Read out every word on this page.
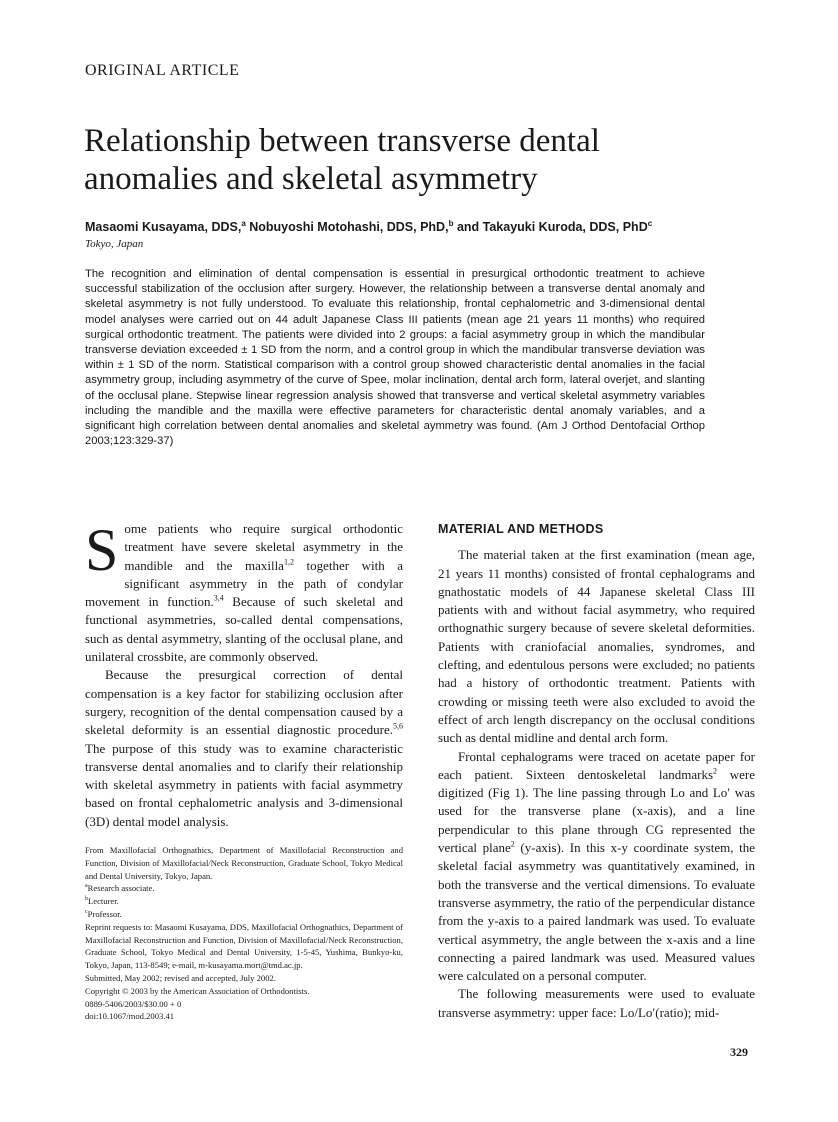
ORIGINAL ARTICLE
Relationship between transverse dental anomalies and skeletal asymmetry
Masaomi Kusayama, DDS,$^a$ Nobuyoshi Motohashi, DDS, PhD,$^b$ and Takayuki Kuroda, DDS, PhD$^c$
Tokyo, Japan

The recognition and elimination of dental compensation is essential in presurgical orthodontic treatment to achieve successful stabilization of the occlusion after surgery. However, the relationship between a transverse dental anomaly and skeletal asymmetry is not fully understood. To evaluate this relationship, frontal cephalometric and 3-dimensional dental model analyses were carried out on 44 adult Japanese Class III patients (mean age 21 years 11 months) who required surgical orthodontic treatment. The patients were divided into 2 groups: a facial asymmetry group in which the mandibular transverse deviation exceeded ± 1 SD from the norm, and a control group in which the mandibular transverse deviation was within ± 1 SD of the norm. Statistical comparison with a control group showed characteristic dental anomalies in the facial asymmetry group, including asymmetry of the curve of Spee, molar inclination, dental arch form, lateral overjet, and slanting of the occlusal plane. Stepwise linear regression analysis showed that transverse and vertical skeletal asymmetry variables including the mandible and the maxilla were effective parameters for characteristic dental anomaly variables, and a significant high correlation between dental anomalies and skeletal aymmetry was found. (Am J Orthod Dentofacial Orthop 2003;123:329-37)

Some patients who require surgical orthodontic treatment have severe skeletal asymmetry in the mandible and the maxilla$^{1,2}$ together with a significant asymmetry in the path of condylar movement in function.$^{3,4}$ Because of such skeletal and functional asymmetries, so-called dental compensations, such as dental asymmetry, slanting of the occlusal plane, and unilateral crossbite, are commonly observed.

Because the presurgical correction of dental compensation is a key factor for stabilizing occlusion after surgery, recognition of the dental compensation caused by a skeletal deformity is an essential diagnostic procedure.$^{5,6}$ The purpose of this study was to examine characteristic transverse dental anomalies and to clarify their relationship with skeletal asymmetry in patients with facial asymmetry based on frontal cephalometric analysis and 3-dimensional (3D) dental model analysis.

From Maxillofacial Orthognathics, Department of Maxillofacial Reconstruction and Function, Division of Maxillofacial/Neck Reconstruction, Graduate School, Tokyo Medical and Dental University, Tokyo, Japan.
$^a$Research associate.
$^b$Lecturer.
$^c$Professor.
Reprint requests to: Masaomi Kusayama, DDS, Maxillofacial Orthognathics, Department of Maxillofacial Reconstruction and Function, Division of Maxillofacial/Neck Reconstruction, Graduate School, Tokyo Medical and Dental University, 1-5-45, Yushima, Bunkyo-ku, Tokyo, Japan, 113-8549; e-mail, m-kusayama.mort@tmd.ac.jp.
Submitted, May 2002; revised and accepted, July 2002.
Copyright © 2003 by the American Association of Orthodontists.
0889-5406/2003/$30.00 + 0
doi:10.1067/mod.2003.41
MATERIAL AND METHODS

The material taken at the first examination (mean age, 21 years 11 months) consisted of frontal cephalograms and gnathostatic models of 44 Japanese skeletal Class III patients with and without facial asymmetry, who required orthognathic surgery because of severe skeletal deformities. Patients with craniofacial anomalies, syndromes, and clefting, and edentulous persons were excluded; no patients had a history of orthodontic treatment. Patients with crowding or missing teeth were also excluded to avoid the effect of arch length discrepancy on the occlusal conditions such as dental midline and dental arch form.

Frontal cephalograms were traced on acetate paper for each patient. Sixteen dentoskeletal landmarks$^2$ were digitized (Fig 1). The line passing through Lo and Lo′ was used for the transverse plane (x-axis), and a line perpendicular to this plane through CG represented the vertical plane$^2$ (y-axis). In this x-y coordinate system, the skeletal facial asymmetry was quantitatively examined, in both the transverse and the vertical dimensions. To evaluate transverse asymmetry, the ratio of the perpendicular distance from the y-axis to a paired landmark was used. To evaluate vertical asymmetry, the angle between the x-axis and a line connecting a paired landmark was used. Measured values were calculated on a personal computer.

The following measurements were used to evaluate transverse asymmetry: upper face: Lo/Lo′(ratio); mid-

329
